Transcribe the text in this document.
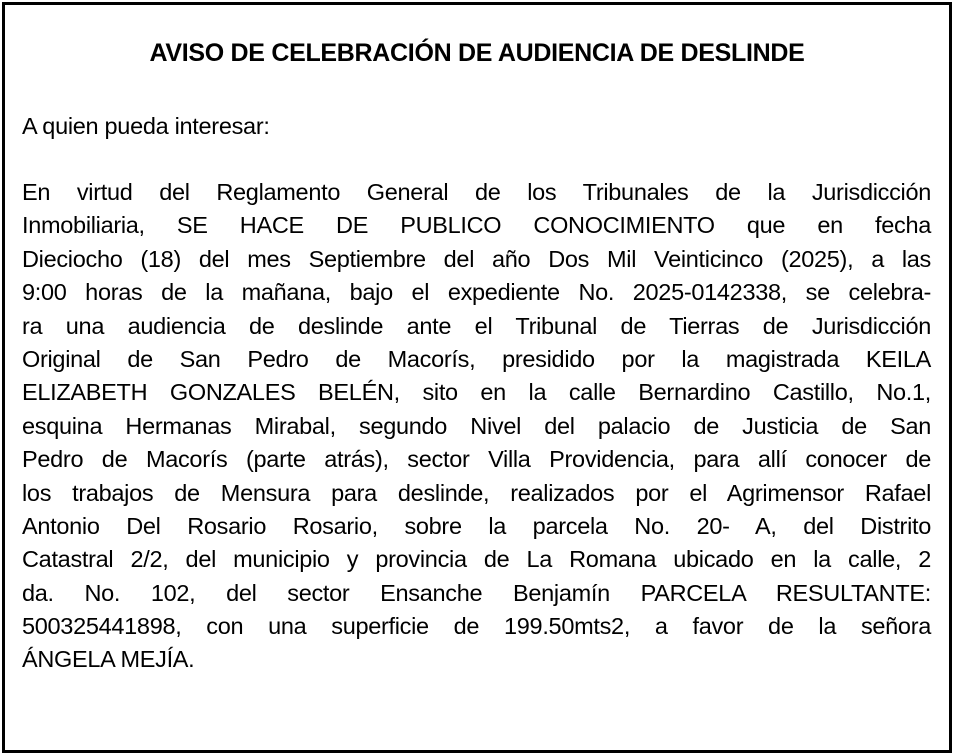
AVISO DE CELEBRACIÓN DE AUDIENCIA DE DESLINDE

A quien pueda interesar:

En virtud del Reglamento General de los Tribunales de la Jurisdicción
Inmobiliaria, SE HACE DE PUBLICO CONOCIMIENTO que en fecha
Dieciocho (18) del mes Septiembre del año Dos Mil Veinticinco (2025), a las
9:00 horas de la mañana, bajo el expediente No. 2025-0142338, se celebra-
ra una audiencia de deslinde ante el Tribunal de Tierras de Jurisdicción
Original de San Pedro de Macorís, presidido por la magistrada KEILA
ELIZABETH GONZALES BELÉN, sito en la calle Bernardino Castillo, No.1,
esquina Hermanas Mirabal, segundo Nivel del palacio de Justicia de San
Pedro de Macorís (parte atrás), sector Villa Providencia, para allí conocer de
los trabajos de Mensura para deslinde, realizados por el Agrimensor Rafael
Antonio Del Rosario Rosario, sobre la parcela No. 20- A, del Distrito
Catastral 2/2, del municipio y provincia de La Romana ubicado en la calle, 2
da. No. 102, del sector Ensanche Benjamín PARCELA RESULTANTE:
500325441898, con una superficie de 199.50mts2, a favor de la señora
ÁNGELA MEJÍA.
